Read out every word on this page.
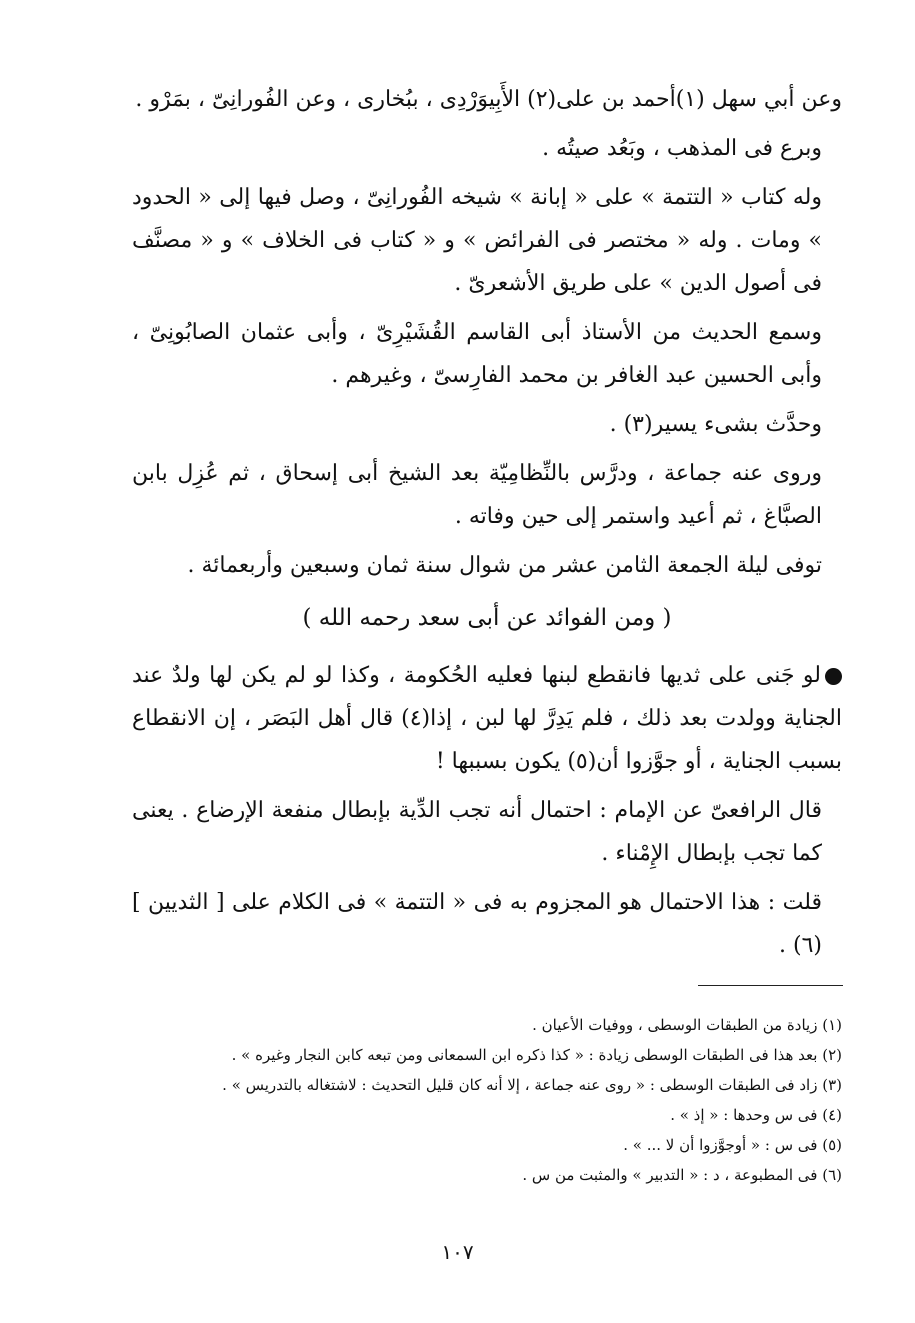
وعن أبي سهل (١)أحمد بن على(٢) الأَبِيوَرْدِى ، ببُخارى ، وعن الفُورانِىّ ، بمَرْو .

وبرع فى المذهب ، وبَعُد صيتُه .

وله كتاب « التتمة » على « إبانة » شيخه الفُورانِىّ ، وصل فيها إلى « الحدود » ومات . وله « مختصر فى الفرائض » و « كتاب فى الخلاف » و « مصنَّف فى أصول الدين » على طريق الأشعرىّ .

وسمع الحديث من الأستاذ أبى القاسم القُشَيْرِىّ ، وأبى عثمان الصابُونِىّ ، وأبى الحسين عبد الغافر بن محمد الفارِسىّ ، وغيرهم .

وحدَّث بشىء يسير(٣) .

وروى عنه جماعة ، ودرَّس بالنِّظامِيّة بعد الشيخ أبى إسحاق ، ثم عُزِل بابن الصبَّاغ ، ثم أعيد واستمر إلى حين وفاته .

توفى ليلة الجمعة الثامن عشر من شوال سنة ثمان وسبعين وأربعمائة .

( ومن الفوائد عن أبى سعد رحمه الله )

لو جَنى على ثديها فانقطع لبنها فعليه الحُكومة ، وكذا لو لم يكن لها ولدٌ عند الجناية وولدت بعد ذلك ، فلم يَدِرَّ لها لبن ، إذا(٤) قال أهل البَصَر ، إن الانقطاع بسبب الجناية ، أو جوَّزوا أن(٥) يكون بسببها !

قال الرافعىّ عن الإمام : احتمال أنه تجب الدِّية بإبطال منفعة الإرضاع . يعنى كما تجب بإبطال الإِمْناء .

قلت : هذا الاحتمال هو المجزوم به فى « التتمة » فى الكلام على [ الثديين ](٦) .

(١) زيادة من الطبقات الوسطى ، ووفيات الأعيان .
(٢) بعد هذا فى الطبقات الوسطى زيادة : « كذا ذكره ابن السمعانى ومن تبعه كابن النجار وغيره » .
(٣) زاد فى الطبقات الوسطى : « روى عنه جماعة ، إلا أنه كان قليل التحديث : لاشتغاله بالتدريس » .
(٤) فى س وحدها : « إذ » .
(٥) فى س : « أوجوَّزوا أن لا ... » .
(٦) فى المطبوعة ، د : « التدبير » والمثبت من س .
١٠٧
